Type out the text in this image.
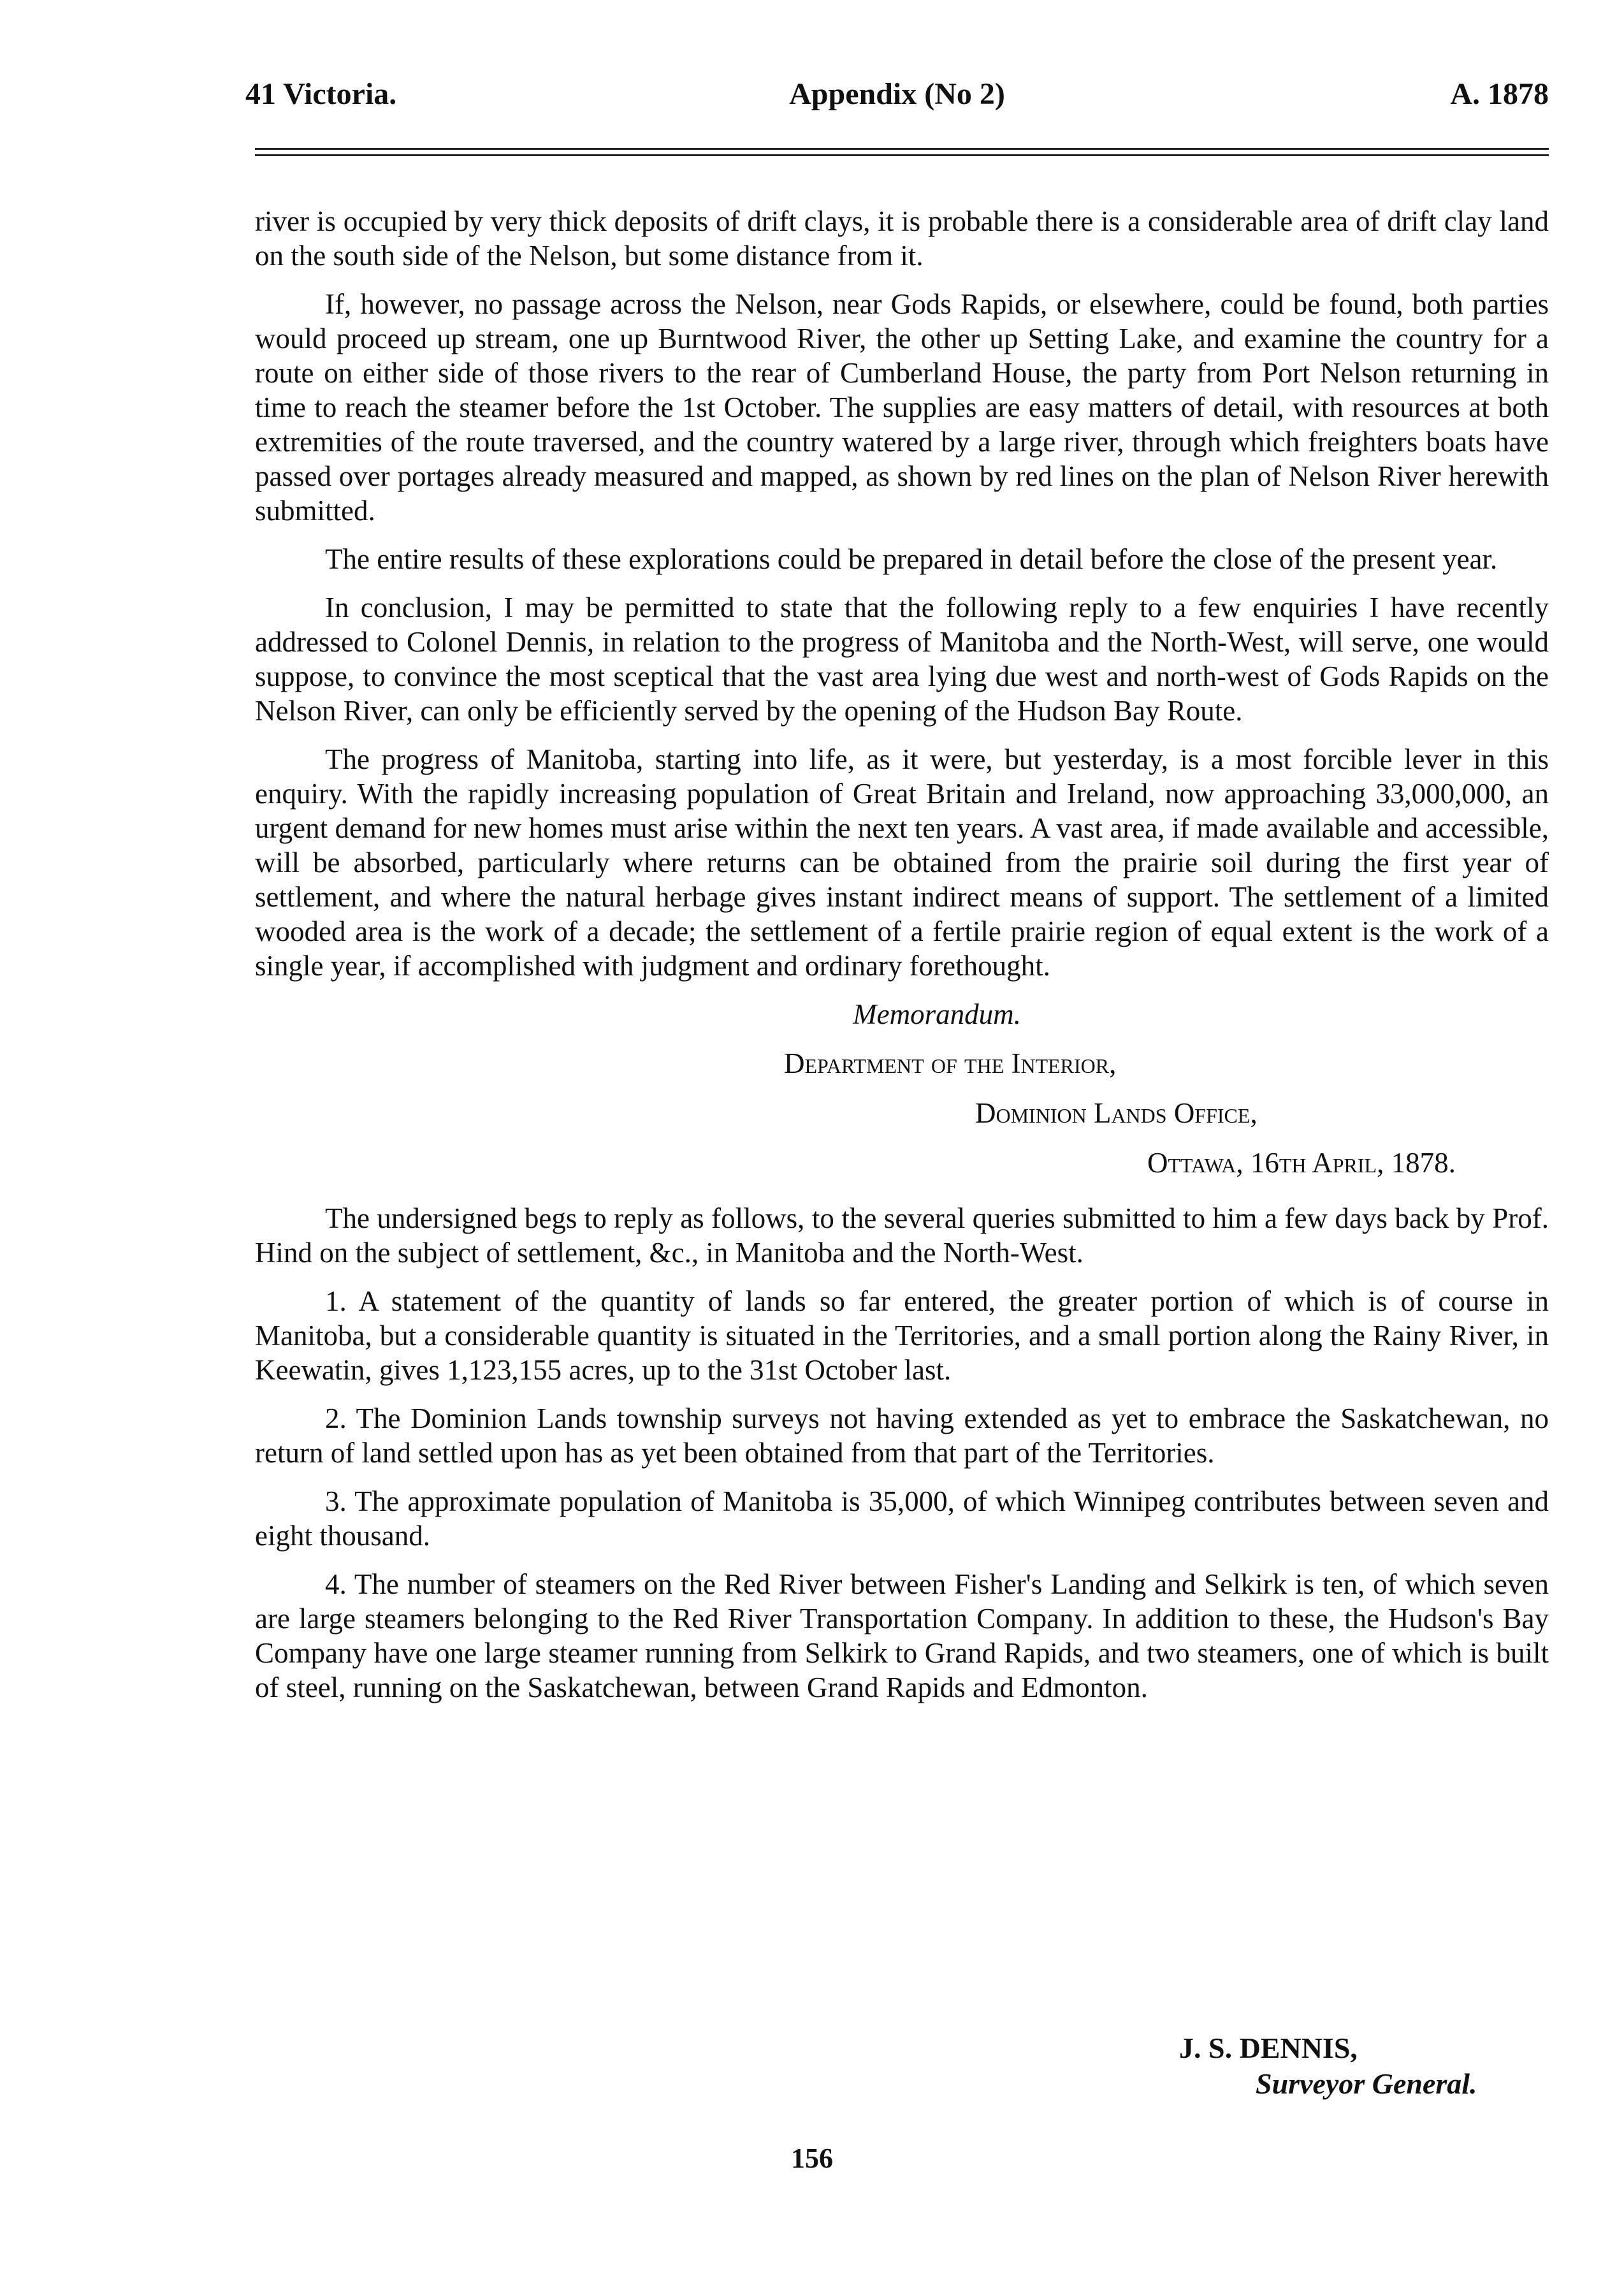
41 Victoria.	Appendix (No 2)	A. 1878

river is occupied by very thick deposits of drift clays, it is probable there is a considerable area of drift clay land on the south side of the Nelson, but some distance from it.

If, however, no passage across the Nelson, near Gods Rapids, or elsewhere, could be found, both parties would proceed up stream, one up Burntwood River, the other up Setting Lake, and examine the country for a route on either side of those rivers to the rear of Cumberland House, the party from Port Nelson returning in time to reach the steamer before the 1st October. The supplies are easy matters of detail, with resources at both extremities of the route traversed, and the country watered by a large river, through which freighters boats have passed over portages already measured and mapped, as shown by red lines on the plan of Nelson River herewith submitted.

The entire results of these explorations could be prepared in detail before the close of the present year.

In conclusion, I may be permitted to state that the following reply to a few enquiries I have recently addressed to Colonel Dennis, in relation to the progress of Manitoba and the North-West, will serve, one would suppose, to convince the most sceptical that the vast area lying due west and north-west of Gods Rapids on the Nelson River, can only be efficiently served by the opening of the Hudson Bay Route.

The progress of Manitoba, starting into life, as it were, but yesterday, is a most forcible lever in this enquiry. With the rapidly increasing population of Great Britain and Ireland, now approaching 33,000,000, an urgent demand for new homes must arise within the next ten years. A vast area, if made available and accessible, will be absorbed, particularly where returns can be obtained from the prairie soil during the first year of settlement, and where the natural herbage gives instant indirect means of support. The settlement of a limited wooded area is the work of a decade; the settlement of a fertile prairie region of equal extent is the work of a single year, if accomplished with judgment and ordinary forethought.

Memorandum.

Department of the Interior,

Dominion Lands Office,

Ottawa, 16th April, 1878.

The undersigned begs to reply as follows, to the several queries submitted to him a few days back by Prof. Hind on the subject of settlement, &c., in Manitoba and the North-West.

1. A statement of the quantity of lands so far entered, the greater portion of which is of course in Manitoba, but a considerable quantity is situated in the Territories, and a small portion along the Rainy River, in Keewatin, gives 1,123,155 acres, up to the 31st October last.

2. The Dominion Lands township surveys not having extended as yet to embrace the Saskatchewan, no return of land settled upon has as yet been obtained from that part of the Territories.

3. The approximate population of Manitoba is 35,000, of which Winnipeg contributes between seven and eight thousand.

4. The number of steamers on the Red River between Fisher's Landing and Selkirk is ten, of which seven are large steamers belonging to the Red River Transportation Company. In addition to these, the Hudson's Bay Company have one large steamer running from Selkirk to Grand Rapids, and two steamers, one of which is built of steel, running on the Saskatchewan, between Grand Rapids and Edmonton.

J. S. DENNIS,
Surveyor General.
156
